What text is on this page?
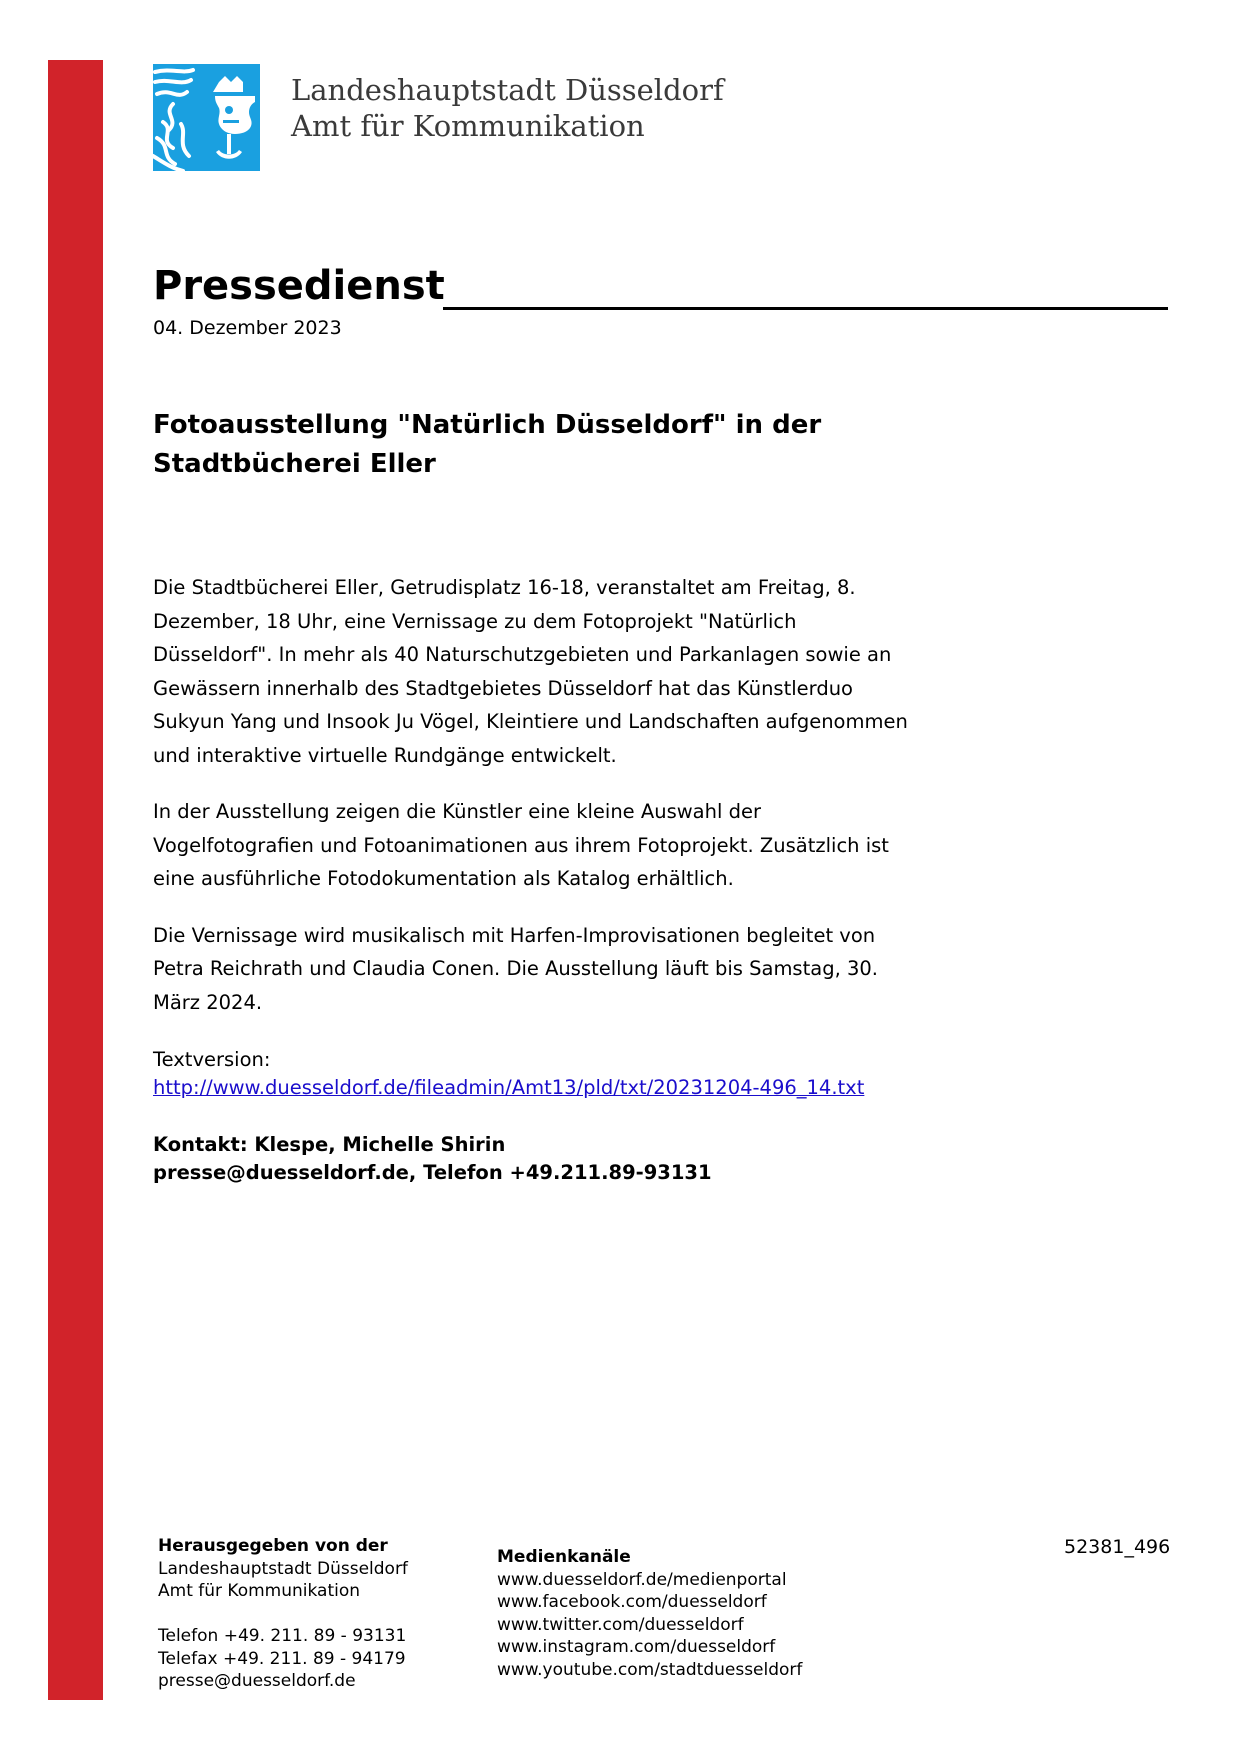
Landeshauptstadt Düsseldorf
Amt für Kommunikation
Pressedienst
04. Dezember 2023
Fotoausstellung "Natürlich Düsseldorf" in der
Stadtbücherei Eller

Die Stadtbücherei Eller, Getrudisplatz 16-18, veranstaltet am Freitag, 8.
Dezember, 18 Uhr, eine Vernissage zu dem Fotoprojekt "Natürlich
Düsseldorf". In mehr als 40 Naturschutzgebieten und Parkanlagen sowie an
Gewässern innerhalb des Stadtgebietes Düsseldorf hat das Künstlerduo
Sukyun Yang und Insook Ju Vögel, Kleintiere und Landschaften aufgenommen
und interaktive virtuelle Rundgänge entwickelt.

In der Ausstellung zeigen die Künstler eine kleine Auswahl der
Vogelfotografien und Fotoanimationen aus ihrem Fotoprojekt. Zusätzlich ist
eine ausführliche Fotodokumentation als Katalog erhältlich.

Die Vernissage wird musikalisch mit Harfen-Improvisationen begleitet von
Petra Reichrath und Claudia Conen. Die Ausstellung läuft bis Samstag, 30.
März 2024.

Textversion:
http://www.duesseldorf.de/fileadmin/Amt13/pld/txt/20231204-496_14.txt
Kontakt: Klespe, Michelle Shirin
presse@duesseldorf.de, Telefon +49.211.89-93131
Herausgegeben von der
Landeshauptstadt Düsseldorf
Amt für Kommunikation
Telefon +49. 211. 89 - 93131
Telefax +49. 211. 89 - 94179
presse@duesseldorf.de
Medienkanäle
www.duesseldorf.de/medienportal
www.facebook.com/duesseldorf
www.twitter.com/duesseldorf
www.instagram.com/duesseldorf
www.youtube.com/stadtduesseldorf
52381_496
